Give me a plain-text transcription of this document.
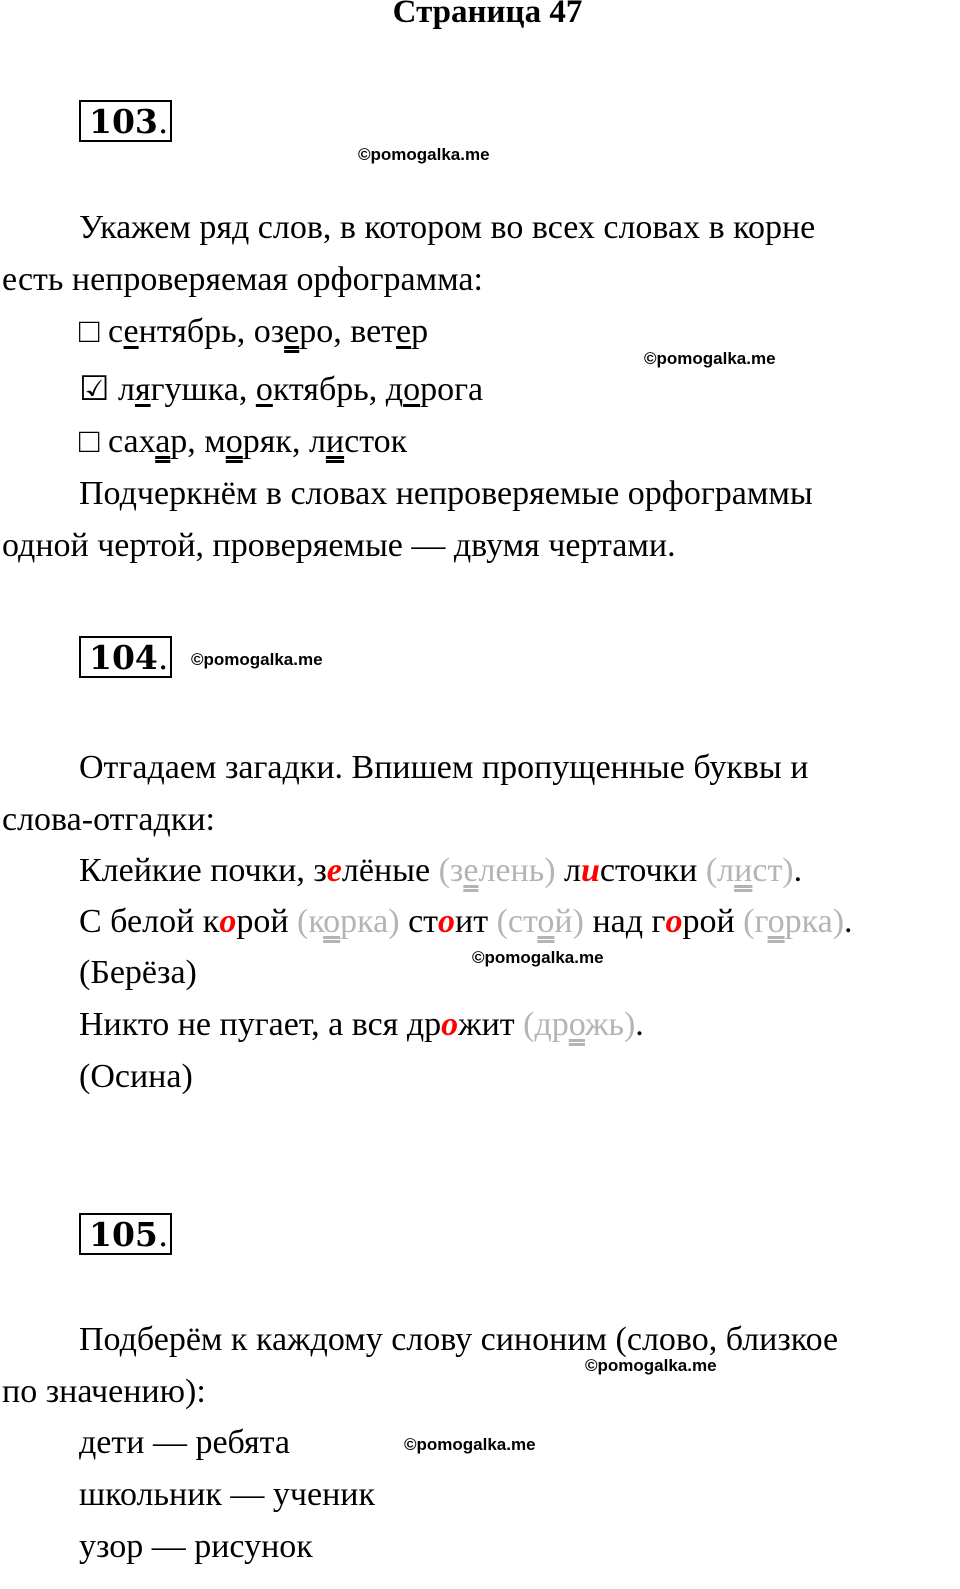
Страница 47
103.
©pomogalka.me
Укажем ряд слов, в котором во всех словах в корне
есть непроверяемая орфограмма:
□ сентябрь, озеро, ветер
©pomogalka.me
☑ лягушка, октябрь, дорога
□ сахар, моряк, листок
Подчеркнём в словах непроверяемые орфограммы
одной чертой, проверяемые — двумя чертами.
104. ©pomogalka.me
Отгадаем загадки. Впишем пропущенные буквы и
слова-отгадки:
Клейкие почки, зелёные (зелень) листочки (лист).
С белой корой (корка) стоит (стой) над горой (горка).
©pomogalka.me
(Берёза)
Никто не пугает, а вся дрожит (дрожь).
(Осина)
105.
Подберём к каждому слову синоним (слово, близкое
©pomogalka.me
по значению):
дети — ребята	©pomogalka.me
школьник — ученик
узор — рисунок
